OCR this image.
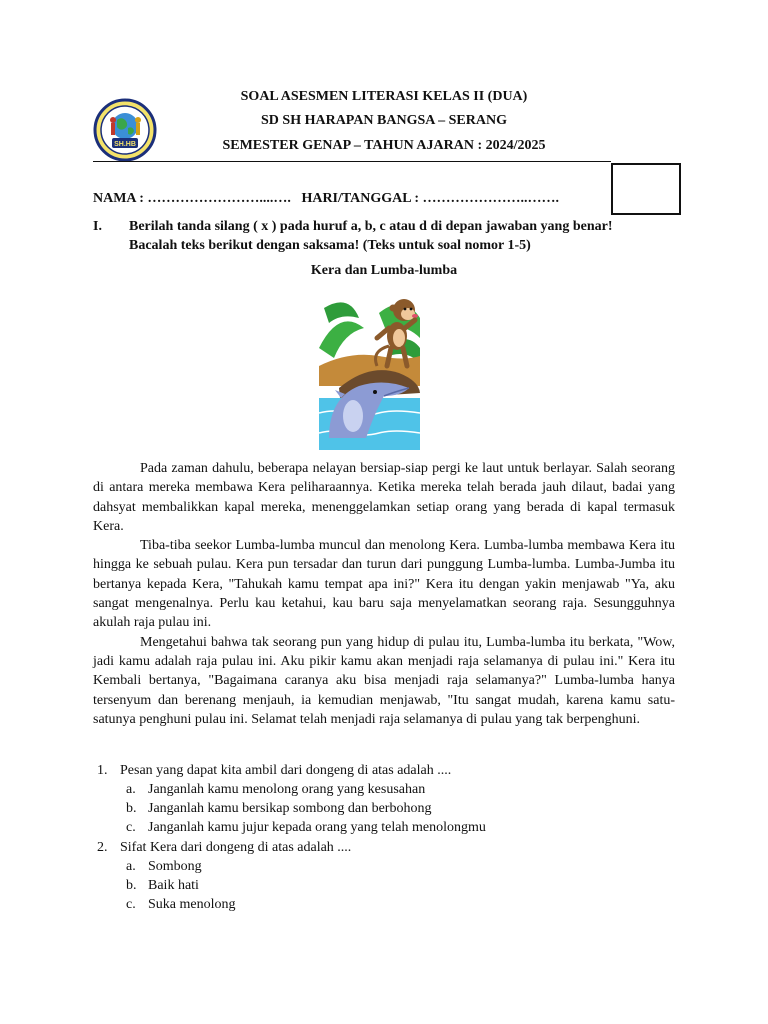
SH.HB
SOAL ASESMEN LITERASI KELAS II (DUA)
SD SH HARAPAN BANGSA – SERANG
SEMESTER GENAP – TAHUN AJARAN : 2024/2025
NAMA : ……………………....…. HARI/TANGGAL : …………………..…….
I. Berilah tanda silang ( x ) pada huruf a, b, c atau d di depan jawaban yang benar!
Bacalah teks berikut dengan saksama! (Teks untuk soal nomor 1-5)
Kera dan Lumba-lumba

Pada zaman dahulu, beberapa nelayan bersiap-siap pergi ke laut untuk berlayar. Salah seorang di antara mereka membawa Kera peliharaannya. Ketika mereka telah berada jauh dilaut, badai yang dahsyat membalikkan kapal mereka, menenggelamkan setiap orang yang berada di kapal termasuk Kera.

Tiba-tiba seekor Lumba-lumba muncul dan menolong Kera. Lumba-lumba membawa Kera itu hingga ke sebuah pulau. Kera pun tersadar dan turun dari punggung Lumba-lumba. Lumba-Jumba itu bertanya kepada Kera, "Tahukah kamu tempat apa ini?" Kera itu dengan yakin menjawab "Ya, aku sangat mengenalnya. Perlu kau ketahui, kau baru saja menyelamatkan seorang raja. Sesungguhnya akulah raja pulau ini.

Mengetahui bahwa tak seorang pun yang hidup di pulau itu, Lumba-lumba itu berkata, "Wow, jadi kamu adalah raja pulau ini. Aku pikir kamu akan menjadi raja selamanya di pulau ini." Kera itu Kembali bertanya, "Bagaimana caranya aku bisa menjadi raja selamanya?" Lumba-lumba hanya tersenyum dan berenang menjauh, ia kemudian menjawab, "Itu sangat mudah, karena kamu satu-satunya penghuni pulau ini. Selamat telah menjadi raja selamanya di pulau yang tak berpenghuni.

1. Pesan yang dapat kita ambil dari dongeng di atas adalah ....
a. Janganlah kamu menolong orang yang kesusahan
b. Janganlah kamu bersikap sombong dan berbohong
c. Janganlah kamu jujur kepada orang yang telah menolongmu
2. Sifat Kera dari dongeng di atas adalah ....
a. Sombong
b. Baik hati
c. Suka menolong
